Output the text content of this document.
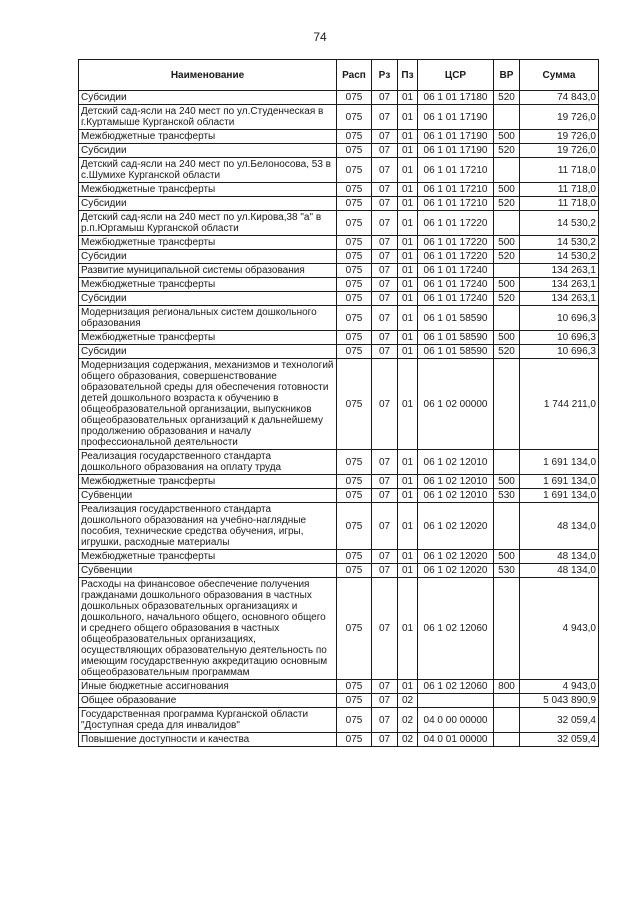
74
Наименование	Расп	Рз	Пз	ЦСР	ВР	Сумма
Субсидии	075	07	01	06 1 01 17180	520	74 843,0
Детский сад-ясли на 240 мест по ул.Студенческая в г.Куртамыше Курганской области	075	07	01	06 1 01 17190		19 726,0
Межбюджетные трансферты	075	07	01	06 1 01 17190	500	19 726,0
Субсидии	075	07	01	06 1 01 17190	520	19 726,0
Детский сад-ясли на 240 мест по ул.Белоносова, 53 в с.Шумихе Курганской области	075	07	01	06 1 01 17210		11 718,0
Межбюджетные трансферты	075	07	01	06 1 01 17210	500	11 718,0
Субсидии	075	07	01	06 1 01 17210	520	11 718,0
Детский сад-ясли на 240 мест по ул.Кирова,38 "а" в р.п.Юргамыш Курганской области	075	07	01	06 1 01 17220		14 530,2
Межбюджетные трансферты	075	07	01	06 1 01 17220	500	14 530,2
Субсидии	075	07	01	06 1 01 17220	520	14 530,2
Развитие муниципальной системы образования	075	07	01	06 1 01 17240		134 263,1
Межбюджетные трансферты	075	07	01	06 1 01 17240	500	134 263,1
Субсидии	075	07	01	06 1 01 17240	520	134 263,1
Модернизация региональных систем дошкольного образования	075	07	01	06 1 01 58590		10 696,3
Межбюджетные трансферты	075	07	01	06 1 01 58590	500	10 696,3
Субсидии	075	07	01	06 1 01 58590	520	10 696,3
Модернизация содержания, механизмов и технологий общего образования, совершенствование образовательной среды для обеспечения готовности детей дошкольного возраста к обучению в общеобразовательной организации, выпускников общеобразовательных организаций к дальнейшему продолжению образования и началу профессиональной деятельности	075	07	01	06 1 02 00000		1 744 211,0
Реализация государственного стандарта дошкольного образования на оплату труда	075	07	01	06 1 02 12010		1 691 134,0
Межбюджетные трансферты	075	07	01	06 1 02 12010	500	1 691 134,0
Субвенции	075	07	01	06 1 02 12010	530	1 691 134,0
Реализация государственного стандарта дошкольного образования на учебно-наглядные пособия, технические средства обучения, игры, игрушки, расходные материалы	075	07	01	06 1 02 12020		48 134,0
Межбюджетные трансферты	075	07	01	06 1 02 12020	500	48 134,0
Субвенции	075	07	01	06 1 02 12020	530	48 134,0
Расходы на финансовое обеспечение получения гражданами дошкольного образования в частных дошкольных образовательных организациях и дошкольного, начального общего, основного общего и среднего общего образования в частных общеобразовательных организациях, осуществляющих образовательную деятельность по имеющим государственную аккредитацию основным общеобразовательным программам	075	07	01	06 1 02 12060		4 943,0
Иные бюджетные ассигнования	075	07	01	06 1 02 12060	800	4 943,0
Общее образование	075	07	02			5 043 890,9
Государственная программа Курганской области "Доступная среда для инвалидов"	075	07	02	04 0 00 00000		32 059,4
Повышение доступности и качества	075	07	02	04 0 01 00000		32 059,4
